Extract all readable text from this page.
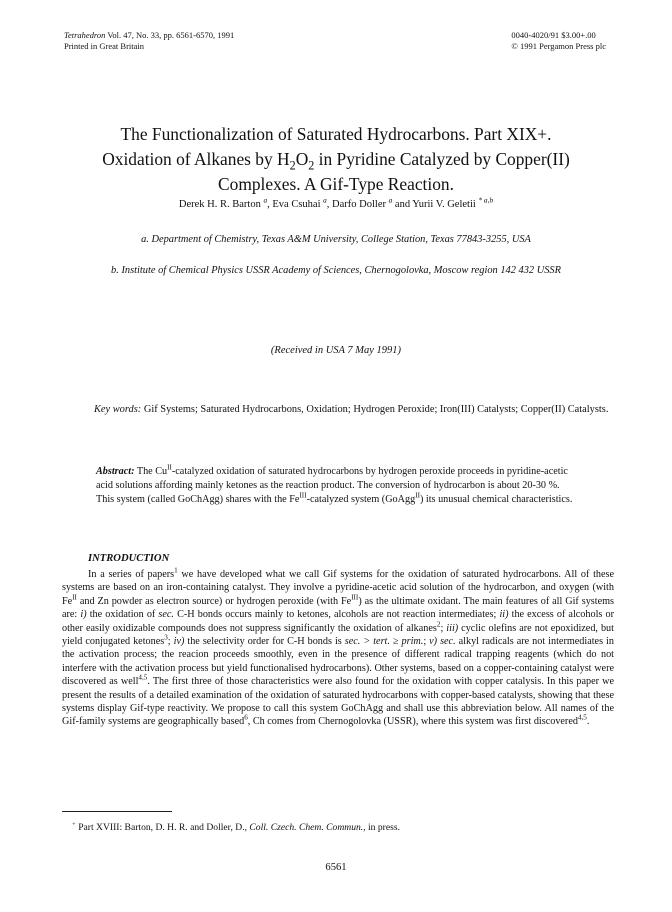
Tetrahedron Vol. 47, No. 33, pp. 6561-6570, 1991
Printed in Great Britain
0040-4020/91 $3.00+.00
© 1991 Pergamon Press plc
The Functionalization of Saturated Hydrocarbons. Part XIX+.
Oxidation of Alkanes by $H_2O_2$ in Pyridine Catalyzed by Copper(II)
Complexes. A Gif-Type Reaction.
Derek H. R. Barton $^a$, Eva Csuhai $^a$, Darfo Doller $^a$ and Yurii V. Geletii $^{* a,b}$
a. Department of Chemistry, Texas A&M University, College Station, Texas 77843-3255, USA
b. Institute of Chemical Physics USSR Academy of Sciences, Chernogolovka, Moscow region 142 432 USSR
(Received in USA 7 May 1991)

Key words: Gif Systems; Saturated Hydrocarbons, Oxidation; Hydrogen Peroxide; Iron(III) Catalysts; Copper(II) Catalysts.

Abstract: The $Cu^{II}$-catalyzed oxidation of saturated hydrocarbons by hydrogen peroxide proceeds in pyridine-acetic acid solutions affording mainly ketones as the reaction product. The conversion of hydrocarbon is about 20-30 %. This system (called GoChAgg) shares with the $Fe^{III}$-catalyzed system (GoAgg$^{II}$) its unusual chemical characteristics.

INTRODUCTION

In a series of papers$^1$ we have developed what we call Gif systems for the oxidation of saturated hydrocarbons. All of these systems are based on an iron-containing catalyst. They involve a pyridine-acetic acid solution of the hydrocarbon, and oxygen (with $Fe^{II}$ and Zn powder as electron source) or hydrogen peroxide (with $Fe^{III}$) as the ultimate oxidant. The main features of all Gif systems are: i) the oxidation of sec. C-H bonds occurs mainly to ketones, alcohols are not reaction intermediates; ii) the excess of alcohols or other easily oxidizable compounds does not suppress significantly the oxidation of alkanes$^2$; iii) cyclic olefins are not epoxidized, but yield conjugated ketones$^3$; iv) the selectivity order for C-H bonds is sec. > tert. ≥ prim.; v) sec. alkyl radicals are not intermediates in the activation process; the reacion proceeds smoothly, even in the presence of different radical trapping reagents (which do not interfere with the activation process but yield functionalised hydrocarbons). Other systems, based on a copper-containing catalyst were discovered as well$^{4,5}$. The first three of those characteristics were also found for the oxidation with copper catalysis. In this paper we present the results of a detailed examination of the oxidation of saturated hydrocarbons with copper-based catalysts, showing that these systems display Gif-type reactivity. We propose to call this system GoChAgg and shall use this abbreviation below. All names of the Gif-family systems are geographically based$^6$, Ch comes from Chernogolovka (USSR), where this system was first discovered$^{4,5}$.

+ Part XVIII: Barton, D. H. R. and Doller, D., Coll. Czech. Chem. Commun., in press.
6561
